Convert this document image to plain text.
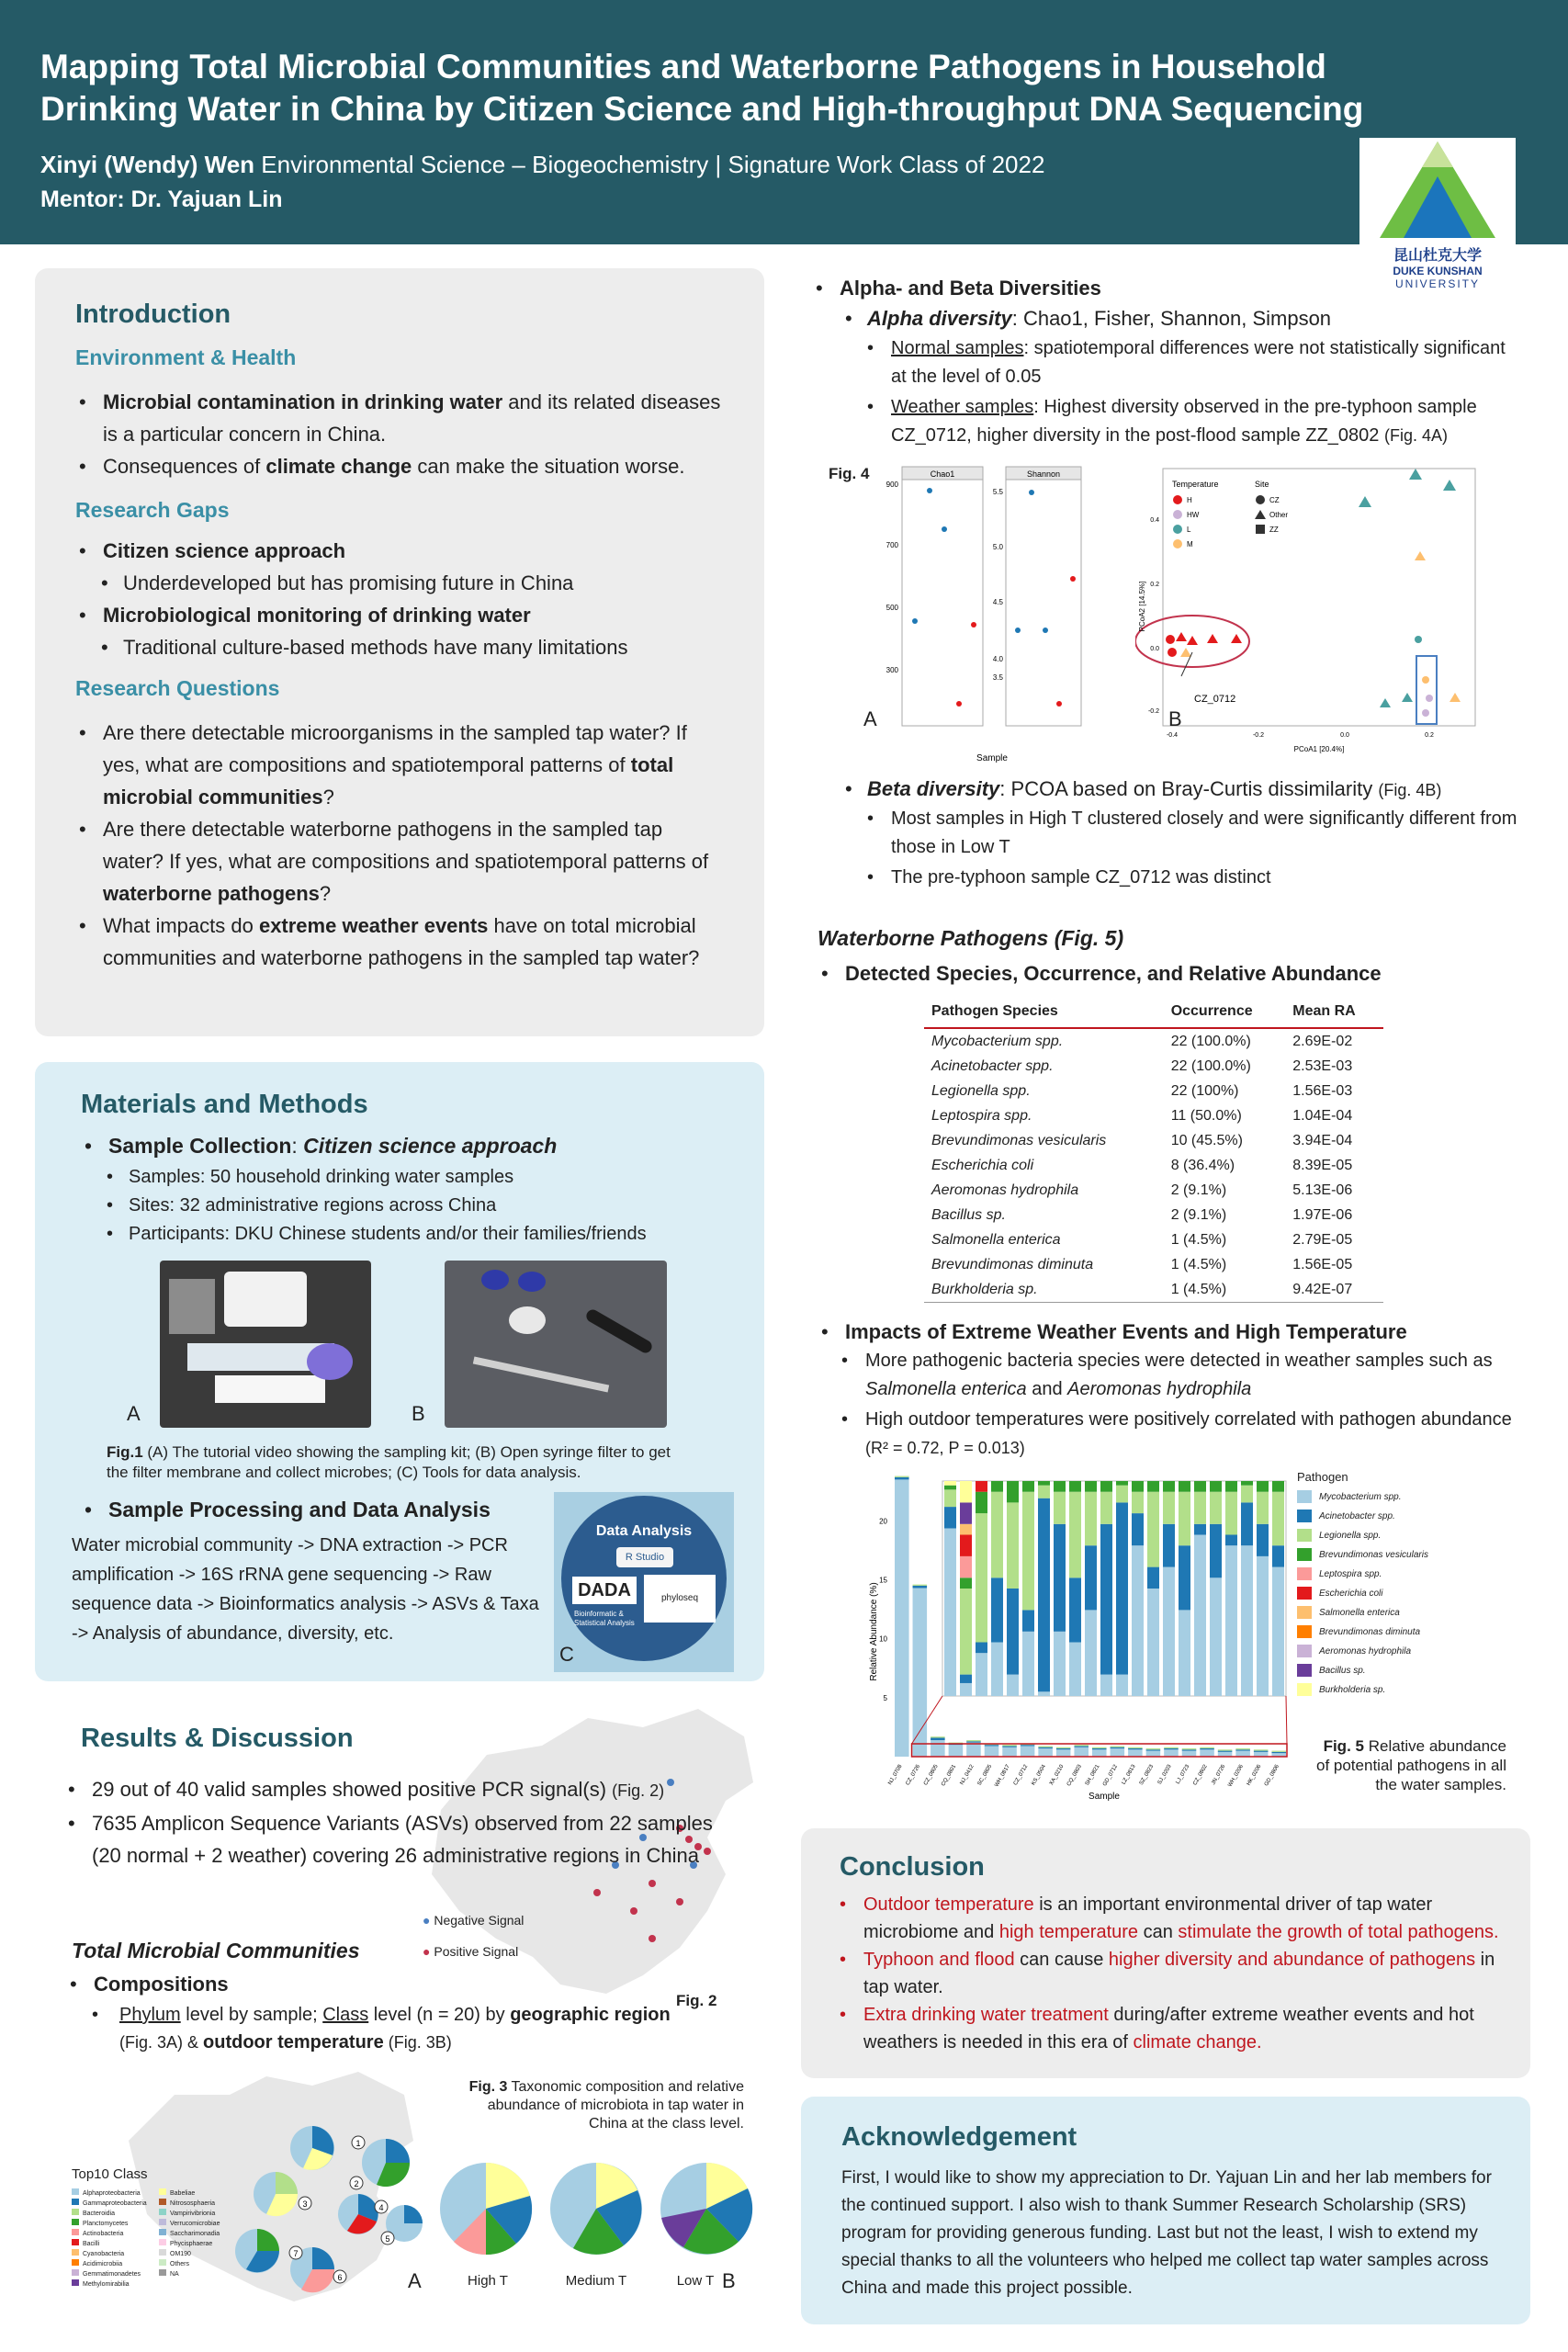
Mapping Total Microbial Communities and Waterborne Pathogens in Household
Drinking Water in China by Citizen Science and High-throughput DNA Sequencing
Xinyi (Wendy) Wen Environmental Science – Biogeochemistry | Signature Work Class of 2022
Mentor: Dr. Yajuan Lin
昆山杜克大学
DUKE KUNSHAN
UNIVERSITY
Introduction
Environment & Health
• Microbial contamination in drinking water and its related diseases is a particular concern in China.
• Consequences of climate change can make the situation worse.
Research Gaps
• Citizen science approach
• Underdeveloped but has promising future in China
• Microbiological monitoring of drinking water
• Traditional culture-based methods have many limitations
Research Questions
• Are there detectable microorganisms in the sampled tap water? If yes, what are compositions and spatiotemporal patterns of total microbial communities?
• Are there detectable waterborne pathogens in the sampled tap water? If yes, what are compositions and spatiotemporal patterns of waterborne pathogens?
• What impacts do extreme weather events have on total microbial communities and waterborne pathogens in the sampled tap water?
Materials and Methods
• Sample Collection: Citizen science approach
• Samples: 50 household drinking water samples
• Sites: 32 administrative regions across China
• Participants: DKU Chinese students and/or their families/friends
A	B
Fig.1 (A) The tutorial video showing the sampling kit; (B) Open syringe filter to get the filter membrane and collect microbes; (C) Tools for data analysis.
• Sample Processing and Data Analysis
Water microbial community -> DNA extraction -> PCR amplification -> 16S rRNA gene sequencing -> Raw sequence data -> Bioinformatics analysis -> ASVs & Taxa -> Analysis of abundance, diversity, etc.
Data Analysis
R Studio
DADA	phyloseq
Bioinformatic & Statistical Analysis
C
Results & Discussion
• 29 out of 40 valid samples showed positive PCR signal(s) (Fig. 2)
• 7635 Amplicon Sequence Variants (ASVs) observed from 22 samples (20 normal + 2 weather) covering 26 administrative regions in China
● Negative Signal
● Positive Signal
Fig. 2
Total Microbial Communities
• Compositions
•	Phylum level by sample; Class level (n = 20) by geographic region (Fig. 3A) & outdoor temperature (Fig. 3B)
Fig. 3 Taxonomic composition and relative abundance of microbiota in tap water in China at the class level.
1
2
3	4
5
6
7
Top10 Class
Alphaproteobacteria
Gammaproteobacteria
Bacteroidia
Planctomycetes
Actinobacteria
Bacilli
Cyanobacteria
Acidimicrobiia
Gemmatimonadetes
Methylomirabilia
Babeliae
Nitrososphaeria
Vampirivibrionia
Verrucomicrobiae
Saccharimonadia
Phycisphaerae
OM190
Others
NA	A	High T	Medium T	Low T B
• Alpha- and Beta Diversities
• Alpha diversity: Chao1, Fisher, Shannon, Simpson
• Normal samples: spatiotemporal differences were not statistically significant at the level of 0.05
• Weather samples: Highest diversity observed in the pre-typhoon sample CZ_0712, higher diversity in the post-flood sample ZZ_0802 (Fig. 4A)
Fig. 4	Chao1	Shannon
900
700
500
300
5.5
5.0
4.5
4.0
3.5
Sample
A
Temperature
H
HW
L
M
Site
CZ
Other
ZZ
CZ_0712
0.4
0.2
0.0
-0.2
-0.4	-0.2	0.0	0.2
PCoA1 [20.4%]
PCoA2 [14.5%]
B
• Beta diversity: PCOA based on Bray-Curtis dissimilarity (Fig. 4B)
• Most samples in High T clustered closely and were significantly different from those in Low T
• The pre-typhoon sample CZ_0712 was distinct
Waterborne Pathogens (Fig. 5)
• Detected Species, Occurrence, and Relative Abundance
Pathogen Species	Occurrence	Mean RA
Mycobacterium spp.	22 (100.0%)	2.69E-02
Acinetobacter spp.	22 (100.0%)	2.53E-03
Legionella spp.	22 (100%)	1.56E-03
Leptospira spp.	11 (50.0%)	1.04E-04
Brevundimonas vesicularis	10 (45.5%)	3.94E-04
Escherichia coli	8 (36.4%)	8.39E-05
Aeromonas hydrophila	2 (9.1%)	5.13E-06
Bacillus sp.	2 (9.1%)	1.97E-06
Salmonella enterica	1 (4.5%)	2.79E-05
Brevundimonas diminuta	1 (4.5%)	1.56E-05
Burkholderia sp.	1 (4.5%)	9.42E-07
• Impacts of Extreme Weather Events and High Temperature
• More pathogenic bacteria species were detected in weather samples such as Salmonella enterica and Aeromonas hydrophila
• High outdoor temperatures were positively correlated with pathogen abundance (R² = 0.72, P = 0.013)
Relative Abundance (%)
Sample
20
15
10
5
NJ_0708 CZ_0726 CZ_0805 CQ_0801 NJ_0412 SC_0805 WH_0817 CZ_0712 KS_0504 XA_0210 CQ_0803 SH_0821 GD_0712 LZ_0813 SZ_0823 SJ_0203 LJ_0723 CZ_0802 JN_0726 WH_0206 HK_0206 GD_0806
Pathogen
Mycobacterium spp.
Acinetobacter spp.
Legionella spp.
Brevundimonas vesicularis
Leptospira spp.
Escherichia coli
Salmonella enterica
Brevundimonas diminuta
Aeromonas hydrophila
Bacillus sp.
Burkholderia sp.
Fig. 5 Relative abundance of potential pathogens in all the water samples.
Conclusion
• Outdoor temperature is an important environmental driver of tap water microbiome and high temperature can stimulate the growth of total pathogens.
• Typhoon and flood can cause higher diversity and abundance of pathogens in tap water.
• Extra drinking water treatment during/after extreme weather events and hot weathers is needed in this era of climate change.
Acknowledgement
First, I would like to show my appreciation to Dr. Yajuan Lin and her lab members for the continued support. I also wish to thank Summer Research Scholarship (SRS) program for providing generous funding. Last but not the least, I wish to extend my special thanks to all the volunteers who helped me collect tap water samples across China and made this project possible.
